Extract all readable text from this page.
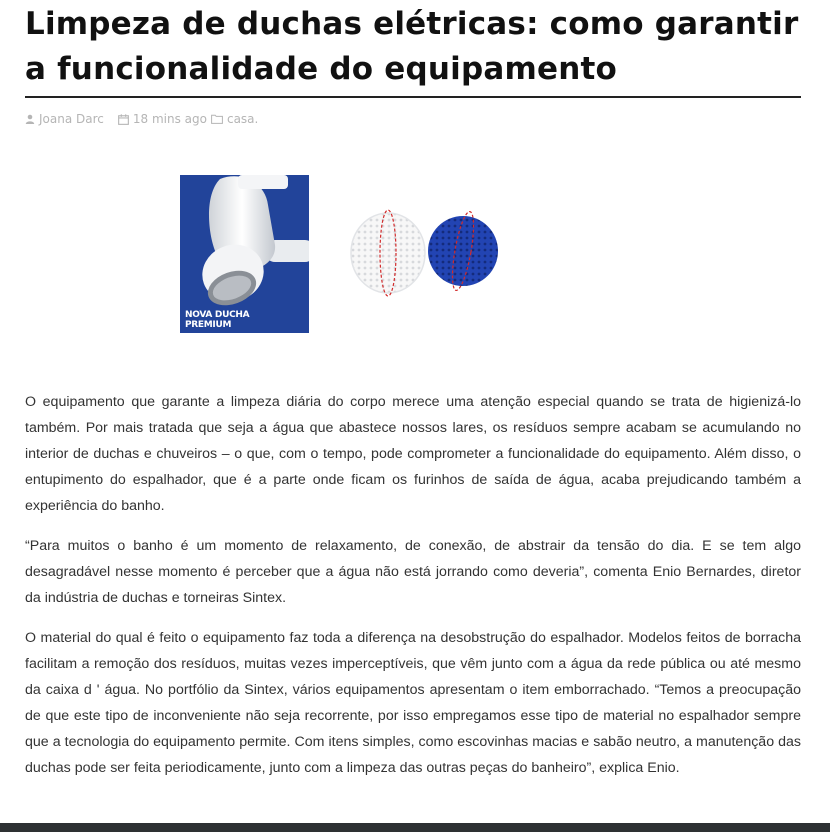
Limpeza de duchas elétricas: como garantir a funcionalidade do equipamento
Joana Darc 18 mins ago casa.
NOVA DUCHA
PREMIUM

O equipamento que garante a limpeza diária do corpo merece uma atenção especial quando se trata de higienizá-lo também. Por mais tratada que seja a água que abastece nossos lares, os resíduos sempre acabam se acumulando no interior de duchas e chuveiros – o que, com o tempo, pode comprometer a funcionalidade do equipamento. Além disso, o entupimento do espalhador, que é a parte onde ficam os furinhos de saída de água, acaba prejudicando também a experiência do banho.

“Para muitos o banho é um momento de relaxamento, de conexão, de abstrair da tensão do dia. E se tem algo desagradável nesse momento é perceber que a água não está jorrando como deveria”, comenta Enio Bernardes, diretor da indústria de duchas e torneiras Sintex.

O material do qual é feito o equipamento faz toda a diferença na desobstrução do espalhador. Modelos feitos de borracha facilitam a remoção dos resíduos, muitas vezes imperceptíveis, que vêm junto com a água da rede pública ou até mesmo da caixa d ' água. No portfólio da Sintex, vários equipamentos apresentam o item emborrachado. “Temos a preocupação de que este tipo de inconveniente não seja recorrente, por isso empregamos esse tipo de material no espalhador sempre que a tecnologia do equipamento permite. Com itens simples, como escovinhas macias e sabão neutro, a manutenção das duchas pode ser feita periodicamente, junto com a limpeza das outras peças do banheiro”, explica Enio.
